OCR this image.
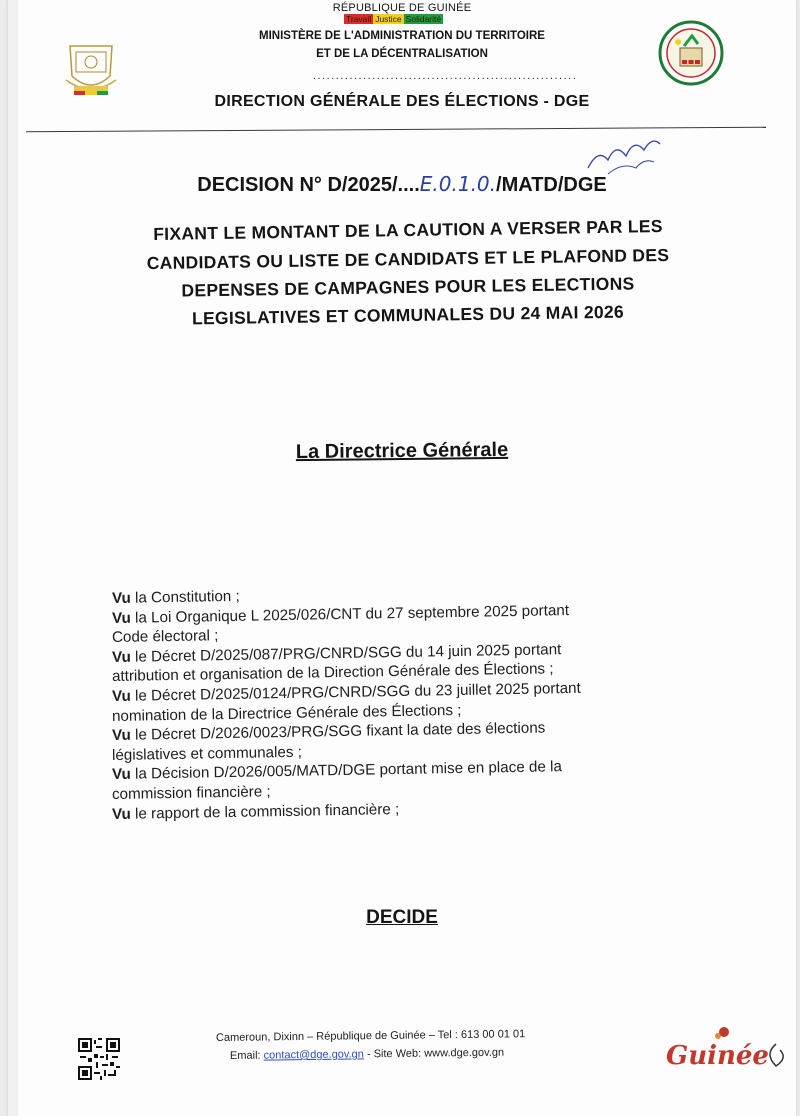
RÉPUBLIQUE DE GUINÉE
Travail Justice Solidarité
MINISTÈRE DE L'ADMINISTRATION DU TERRITOIRE
ET DE LA DÉCENTRALISATION
..........................................................
DIRECTION GÉNÉRALE DES ÉLECTIONS - DGE
DECISION N° D/2025/....E.0.1.0./MATD/DGE
FIXANT LE MONTANT DE LA CAUTION A VERSER PAR LES
CANDIDATS OU LISTE DE CANDIDATS ET LE PLAFOND DES
DEPENSES DE CAMPAGNES POUR LES ELECTIONS
LEGISLATIVES ET COMMUNALES DU 24 MAI 2026
La Directrice Générale
Vu la Constitution ;
Vu la Loi Organique L 2025/026/CNT du 27 septembre 2025 portant
Code électoral ;
Vu le Décret D/2025/087/PRG/CNRD/SGG du 14 juin 2025 portant
attribution et organisation de la Direction Générale des Élections ;
Vu le Décret D/2025/0124/PRG/CNRD/SGG du 23 juillet 2025 portant
nomination de la Directrice Générale des Élections ;
Vu le Décret D/2026/0023/PRG/SGG fixant la date des élections
législatives et communales ;
Vu la Décision D/2026/005/MATD/DGE portant mise en place de la
commission financière ;
Vu le rapport de la commission financière ;
DECIDE
Cameroun, Dixinn – République de Guinée – Tel : 613 00 01 01
Email: contact@dge.gov.gn - Site Web: www.dge.gov.gn	Guinée
